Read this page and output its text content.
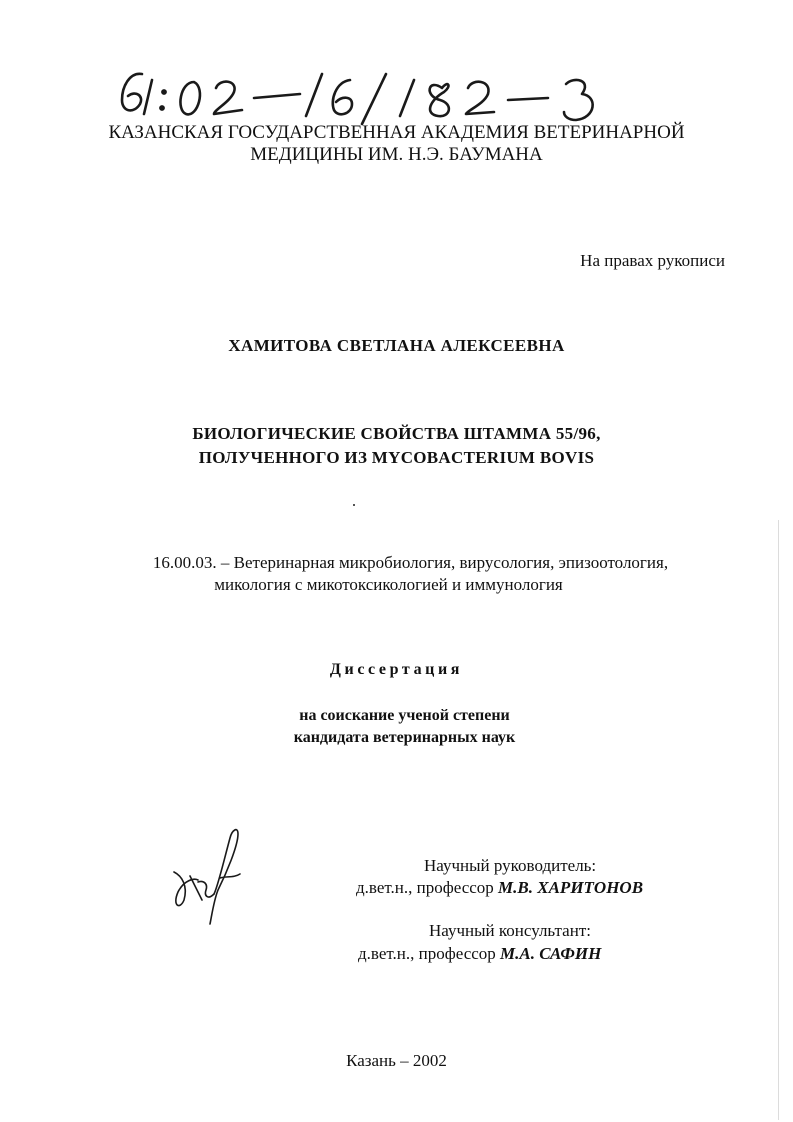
КАЗАНСКАЯ ГОСУДАРСТВЕННАЯ АКАДЕМИЯ ВЕТЕРИНАРНОЙ
МЕДИЦИНЫ ИМ. Н.Э. БАУМАНА
На правах рукописи
ХАМИТОВА СВЕТЛАНА АЛЕКСЕЕВНА
БИОЛОГИЧЕСКИЕ СВОЙСТВА ШТАММА 55/96,
ПОЛУЧЕННОГО ИЗ MYCOBACTERIUM BOVIS
16.00.03. – Ветеринарная микробиология, вирусология, эпизоотология,
микология с микотоксикологией и иммунология
Диссертация
на соискание ученой степени
кандидата ветеринарных наук
Научный руководитель:
д.вет.н., профессор М.В. ХАРИТОНОВ
Научный консультант:
д.вет.н., профессор М.А. САФИН
Казань – 2002
